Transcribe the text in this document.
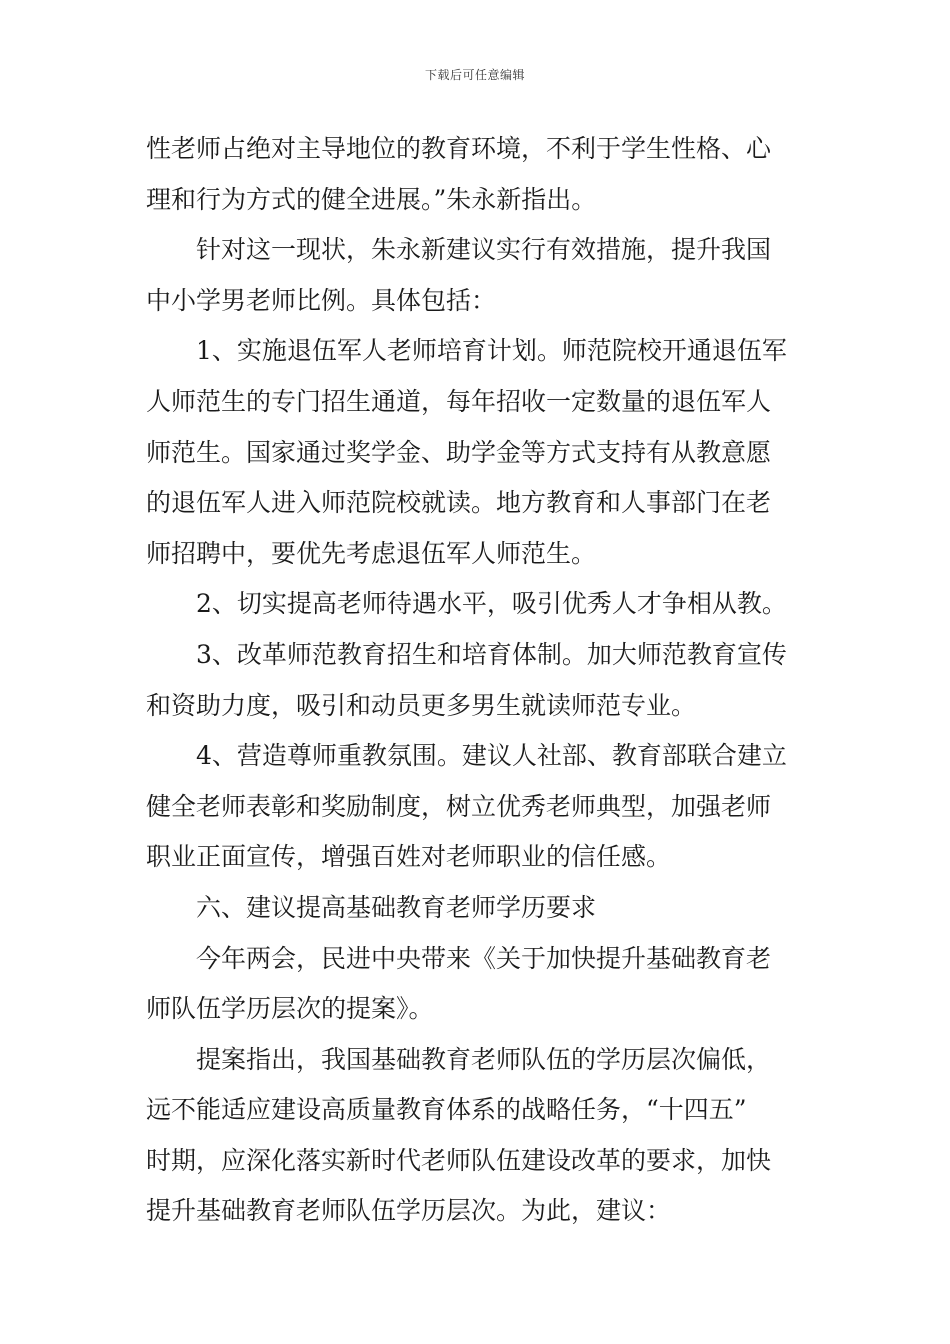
下载后可任意编辑

性老师占绝对主导地位的教育环境，不利于学生性格、心

理和行为方式的健全进展。”朱永新指出。

针对这一现状，朱永新建议实行有效措施，提升我国

中小学男老师比例。具体包括：

1、实施退伍军人老师培育计划。师范院校开通退伍军

人师范生的专门招生通道，每年招收一定数量的退伍军人

师范生。国家通过奖学金、助学金等方式支持有从教意愿

的退伍军人进入师范院校就读。地方教育和人事部门在老

师招聘中，要优先考虑退伍军人师范生。

2、切实提高老师待遇水平，吸引优秀人才争相从教。

3、改革师范教育招生和培育体制。加大师范教育宣传

和资助力度，吸引和动员更多男生就读师范专业。

4、营造尊师重教氛围。建议人社部、教育部联合建立

健全老师表彰和奖励制度，树立优秀老师典型，加强老师

职业正面宣传，增强百姓对老师职业的信任感。

六、建议提高基础教育老师学历要求

今年两会，民进中央带来《关于加快提升基础教育老

师队伍学历层次的提案》。

提案指出，我国基础教育老师队伍的学历层次偏低，

远不能适应建设高质量教育体系的战略任务，“十四五”

时期，应深化落实新时代老师队伍建设改革的要求，加快

提升基础教育老师队伍学历层次。为此，建议：
